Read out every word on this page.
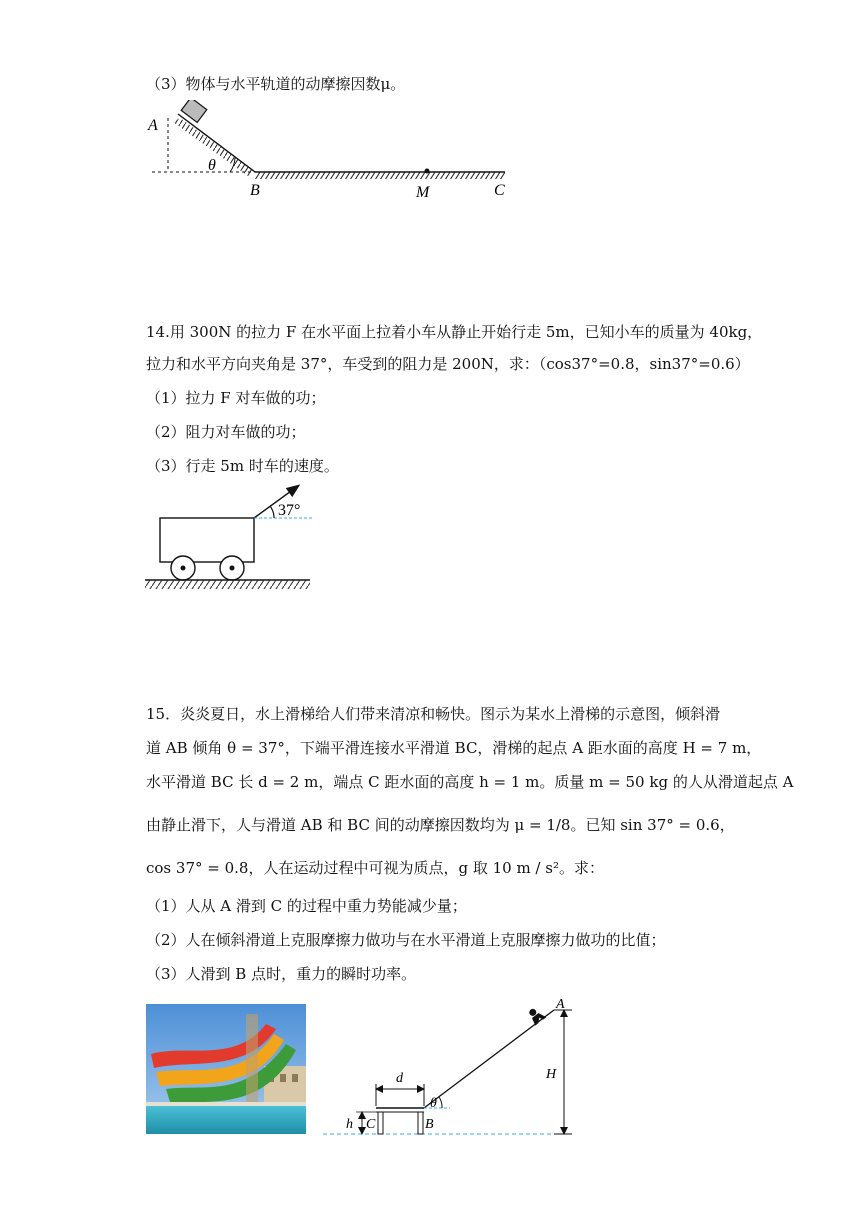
（3）物体与水平轨道的动摩擦因数μ。
A
θ
B	M	C
14.用 300N 的拉力 F 在水平面上拉着小车从静止开始行走 5m，已知小车的质量为 40kg，
拉力和水平方向夹角是 37°，车受到的阻力是 200N，求：（cos37°=0.8，sin37°=0.6）
（1）拉力 F 对车做的功；
（2）阻力对车做的功；
（3）行走 5m 时车的速度。
37°
15．炎炎夏日，水上滑梯给人们带来清凉和畅快。图示为某水上滑梯的示意图，倾斜滑
道 AB 倾角 θ = 37°，下端平滑连接水平滑道 BC，滑梯的起点 A 距水面的高度 H = 7 m，
水平滑道 BC 长 d = 2 m，端点 C 距水面的高度 h = 1 m。质量 m = 50 kg 的人从滑道起点 A
由静止滑下，人与滑道 AB 和 BC 间的动摩擦因数均为 μ = 1/8。已知 sin 37° = 0.6，
cos 37° = 0.8，人在运动过程中可视为质点，g 取 10 m / s²。求：
（1）人从 A 滑到 C 的过程中重力势能减少量；
（2）人在倾斜滑道上克服摩擦力做功与在水平滑道上克服摩擦力做功的比值；
（3）人滑到 B 点时，重力的瞬时功率。
A
H
d
θ
h C	B
